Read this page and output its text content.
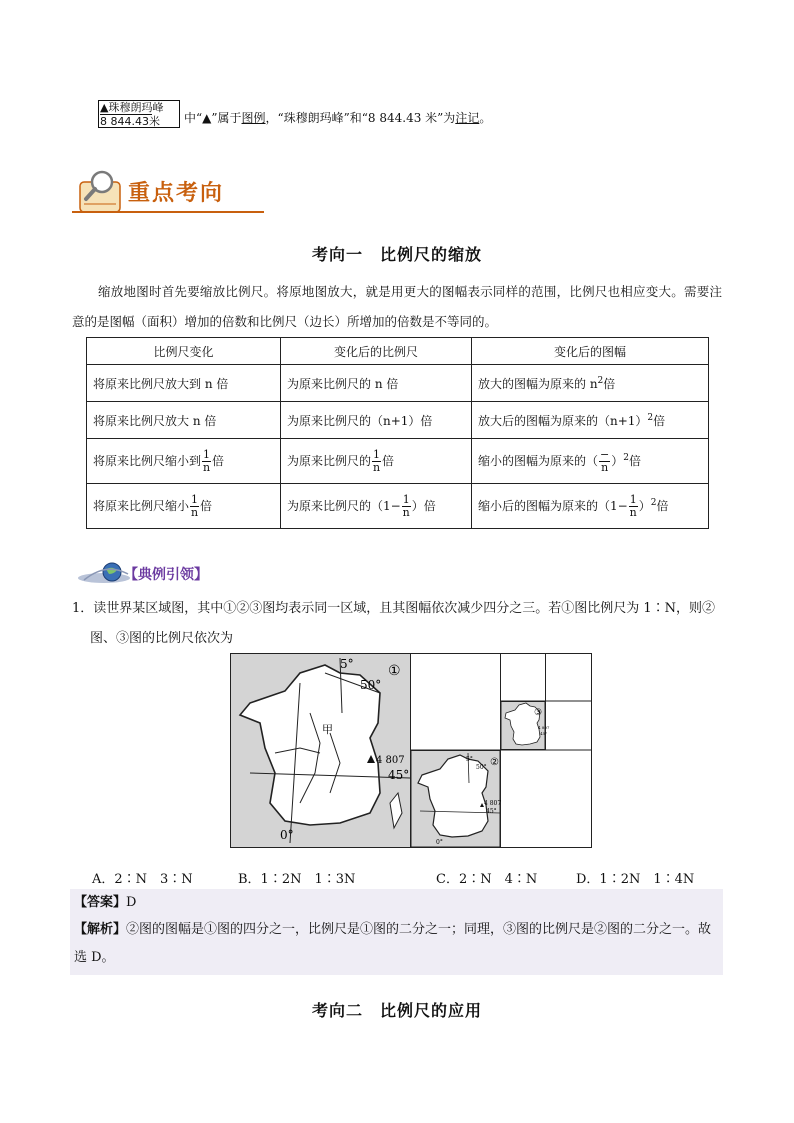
▲珠穆朗玛峰
8 844.43米 中“▲”属于图例，“珠穆朗玛峰”和“8 844.43 米”为注记。
重点考向
考向一　比例尺的缩放
缩放地图时首先要缩放比例尺。将原地图放大，就是用更大的图幅表示同样的范围，比例尺也相应变大。需要注意的是图幅（面积）增加的倍数和比例尺（边长）所增加的倍数是不等同的。
比例尺变化	变化后的比例尺	变化后的图幅
将原来比例尺放大到 n 倍	为原来比例尺的 n 倍	放大的图幅为原来的 $n^2$倍
将原来比例尺放大 n 倍	为原来比例尺的（n+1）倍	放大后的图幅为原来的$(n+1)^2$倍
将原来比例尺缩小到 $\frac{1}{n}$ 倍	为原来比例尺的 $\frac{1}{n}$ 倍	缩小的图幅为原来的（ $\frac{-}{n} )^2$倍
将原来比例尺缩小 $\frac{1}{n}$ 倍	为原来比例尺的（$1- \frac{1}{n}$ ）倍	缩小后的图幅为原来的$(1- \frac{1}{n} )^2$倍
【典例引领】
1．读世界某区域图，其中①②③图均表示同一区域，且其图幅依次减少四分之三。若①图比例尺为 1∶N，则②图、③图的比例尺依次为
5°
50°
①
甲
4 807
45°
0°
②
5°
50°
4 807
45°
0°
③
4 807
45°
A．2∶N　3∶N	B．1∶2N　1∶3N	C．2∶N　4∶N	D．1∶2N　1∶4N
【答案】D
【解析】②图的图幅是①图的四分之一，比例尺是①图的二分之一；同理，③图的比例尺是②图的二分之一。故选 D。
考向二　比例尺的应用
